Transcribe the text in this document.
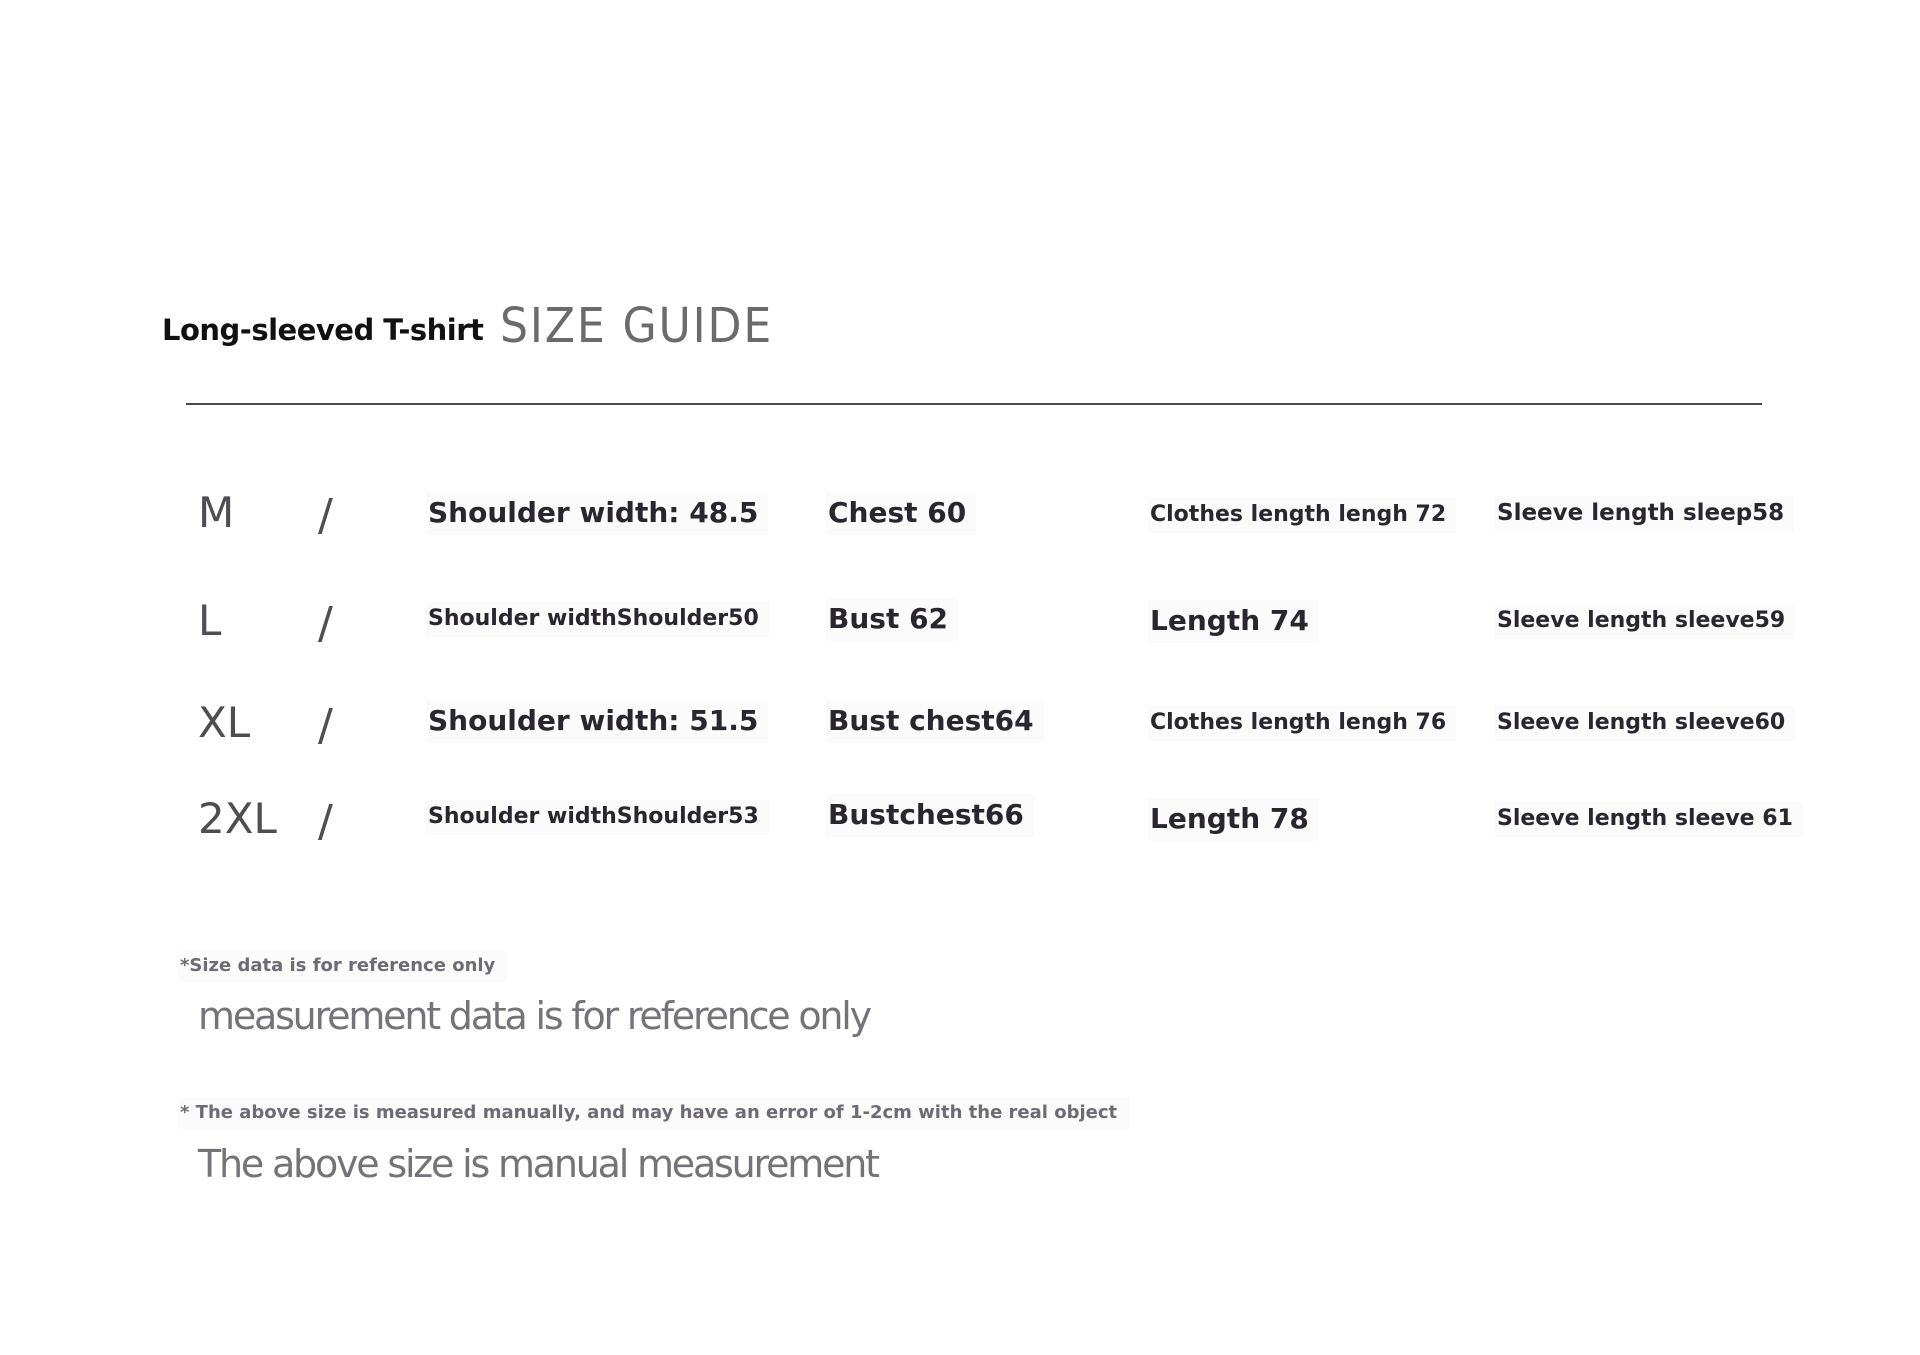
Long-sleeved T-shirt SIZE GUIDE
M /	Shoulder width: 48.5	Chest 60	Clothes length lengh 72	Sleeve length sleep58
L /	Shoulder widthShoulder50	Bust 62	Length 74	Sleeve length sleeve59
XL /	Shoulder width: 51.5	Bust chest64	Clothes length lengh 76	Sleeve length sleeve60
2XL /	Shoulder widthShoulder53	Bustchest66	Length 78	Sleeve length sleeve 61
*Size data is for reference only
measurement data is for reference only
* The above size is measured manually, and may have an error of 1-2cm with the real object
The above size is manual measurement
